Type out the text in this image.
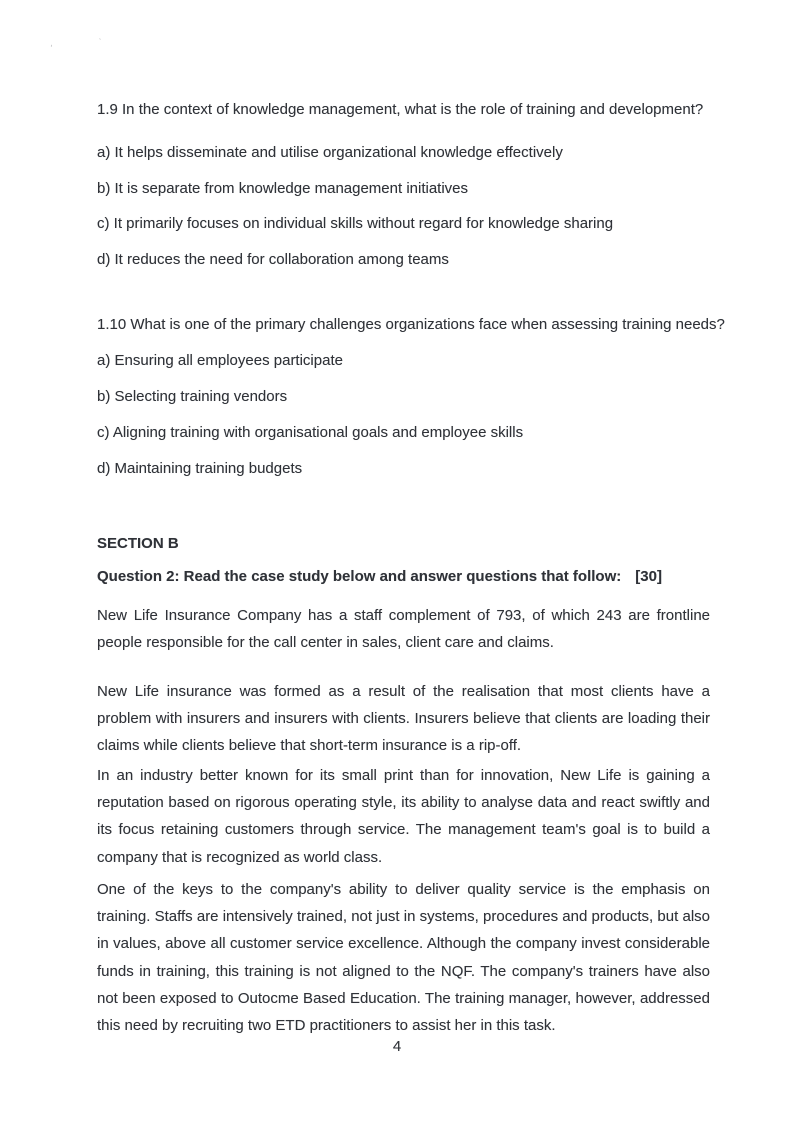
ʹ
ˋ
1.9 In the context of knowledge management, what is the role of training and development?
a) It helps disseminate and utilise organizational knowledge effectively
b) It is separate from knowledge management initiatives
c) It primarily focuses on individual skills without regard for knowledge sharing
d) It reduces the need for collaboration among teams
1.10 What is one of the primary challenges organizations face when assessing training needs?
a) Ensuring all employees participate
b) Selecting training vendors
c) Aligning training with organisational goals and employee skills
d) Maintaining training budgets
SECTION B
Question 2: Read the case study below and answer questions that follow: [30]
New Life Insurance Company has a staff complement of 793, of which 243 are frontline people responsible for the call center in sales, client care and claims.
New Life insurance was formed as a result of the realisation that most clients have a problem with insurers and insurers with clients. Insurers believe that clients are loading their claims while clients believe that short-term insurance is a rip-off.
In an industry better known for its small print than for innovation, New Life is gaining a reputation based on rigorous operating style, its ability to analyse data and react swiftly and its focus retaining customers through service. The management team's goal is to build a company that is recognized as world class.
One of the keys to the company's ability to deliver quality service is the emphasis on training. Staffs are intensively trained, not just in systems, procedures and products, but also in values, above all customer service excellence. Although the company invest considerable funds in training, this training is not aligned to the NQF. The company's trainers have also not been exposed to Outocme Based Education. The training manager, however, addressed this need by recruiting two ETD practitioners to assist her in this task.
4
